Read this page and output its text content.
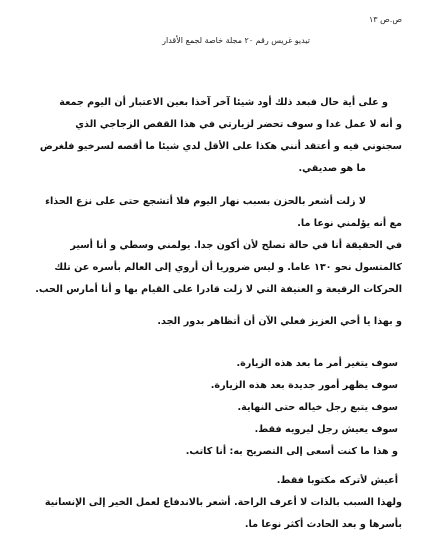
ص.ص ١٣
تيديو غريس رقم ٢٠ مجلة خاصة لجمع الأقدار

و على أية حال فبعد ذلك أود شيئا آخر آخذا بعين الاعتبار أن اليوم جمعة
و أنه لا عمل غدا و سوف تحضر لزيارتي في هذا القفص الزجاجي الذي
سجنوني فيه و أعتقد أنني هكذا على الأقل لدي شيئا ما أقصه لسرخيو فلغرض
ما هو صديقي.

لا زلت أشعر بالحزن بسبب نهار اليوم فلا أتشجع حتى على نزع الحذاء
مع أنه يؤلمني نوعا ما.
في الحقيقة أنا في حالة تصلح لأن أكون جدا. يولمني وسطي و أنا أسير
كالمتسول نحو ١٣٠ عاما. و ليس ضروريا أن أروي إلى العالم بأسره عن تلك
الحركات الرفيعة و العنيفة التي لا زلت قادرا على القيام بها و أنا أمارس الحب.

و بهذا يا أخي العزيز فعلي الآن أن أتظاهر بدور الجد.

سوف يتغير أمر ما بعد هذه الزيارة.
سوف يظهر أمور جديدة بعد هذه الزيارة.
سوف يتبع رجل خياله حتى النهاية.
سوف يعيش رجل ليرويه فقط.
و هذا ما كنت أسعى إلى التصريح به: أنا كاتب.

أعيش لأتركه مكتوبا فقط.
ولهذا السبب بالذات لا أعرف الراحة. أشعر بالاندفاع لعمل الخير إلى الإنسانية
بأسرها و بعد الحادث أكثر نوعا ما.
